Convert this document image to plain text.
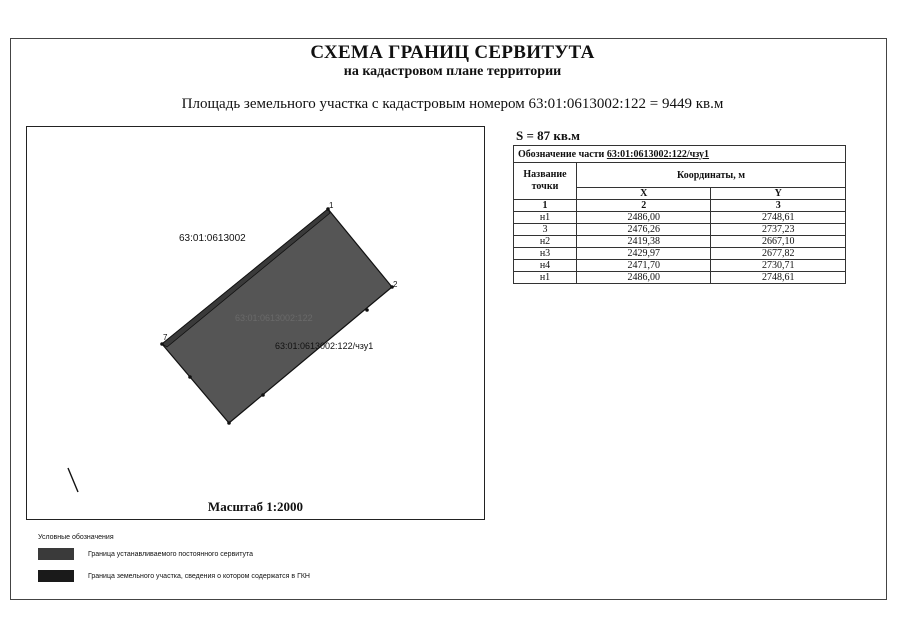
СХЕМА ГРАНИЦ СЕРВИТУТА
на кадастровом плане территории
Площадь земельного участка с кадастровым номером 63:01:0613002:122 = 9449 кв.м
63:01:0613002
63:01:0613002:122
63:01:0613002:122/чзу1
1
2
7
Масштаб 1:2000
S = 87 кв.м
Обозначение части 63:01:0613002:122/чзу1		
Название точки	Координаты, м	
	X	Y
1	2	3
н1	2486,00	2748,61
3	2476,26	2737,23
н2	2419,38	2667,10
н3	2429,97	2677,82
н4	2471,70	2730,71
н1	2486,00	2748,61
Условные обозначения
Граница устанавливаемого постоянного сервитута
Граница земельного участка, сведения о котором содержатся в ГКН
